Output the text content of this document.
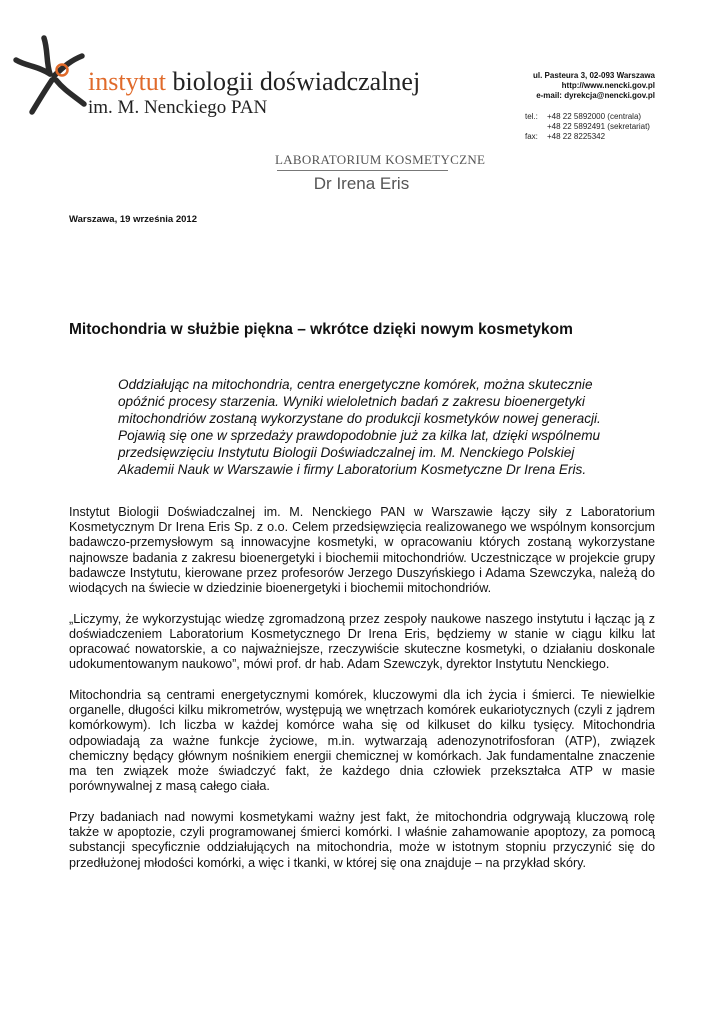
instytut biologii doświadczalnej
im. M. Nenckiego PAN
ul. Pasteura 3, 02-093 Warszawa
http://www.nencki.gov.pl
e-mail: dyrekcja@nencki.gov.pl
tel.:	+48 22 5892000 (centrala)
+48 22 5892491 (sekretariat)
fax:	+48 22 8225342
LABORATORIUM KOSMETYCZNE
Dr Irena Eris
Warszawa, 19 września 2012
Mitochondria w służbie piękna – wkrótce dzięki nowym kosmetykom
Oddziałując na mitochondria, centra energetyczne komórek, można skutecznie opóźnić procesy starzenia. Wyniki wieloletnich badań z zakresu bioenergetyki mitochondriów zostaną wykorzystane do produkcji kosmetyków nowej generacji. Pojawią się one w sprzedaży prawdopodobnie już za kilka lat, dzięki wspólnemu przedsięwzięciu Instytutu Biologii Doświadczalnej im. M. Nenckiego Polskiej Akademii Nauk w Warszawie i firmy Laboratorium Kosmetyczne Dr Irena Eris.

Instytut Biologii Doświadczalnej im. M. Nenckiego PAN w Warszawie łączy siły z Laboratorium Kosmetycznym Dr Irena Eris Sp. z o.o. Celem przedsięwzięcia realizowanego we wspólnym konsorcjum badawczo-przemysłowym są innowacyjne kosmetyki, w opracowaniu których zostaną wykorzystane najnowsze badania z zakresu bioenergetyki i biochemii mitochondriów. Uczestniczące w projekcie grupy badawcze Instytutu, kierowane przez profesorów Jerzego Duszyńskiego i Adama Szewczyka, należą do wiodących na świecie w dziedzinie bioenergetyki i biochemii mitochondriów.

„Liczymy, że wykorzystując wiedzę zgromadzoną przez zespoły naukowe naszego instytutu i łącząc ją z doświadczeniem Laboratorium Kosmetycznego Dr Irena Eris, będziemy w stanie w ciągu kilku lat opracować nowatorskie, a co najważniejsze, rzeczywiście skuteczne kosmetyki, o działaniu doskonale udokumentowanym naukowo”, mówi prof. dr hab. Adam Szewczyk, dyrektor Instytutu Nenckiego.

Mitochondria są centrami energetycznymi komórek, kluczowymi dla ich życia i śmierci. Te niewielkie organelle, długości kilku mikrometrów, występują we wnętrzach komórek eukariotycznych (czyli z jądrem komórkowym). Ich liczba w każdej komórce waha się od kilkuset do kilku tysięcy. Mitochondria odpowiadają za ważne funkcje życiowe, m.in. wytwarzają adenozynotrifosforan (ATP), związek chemiczny będący głównym nośnikiem energii chemicznej w komórkach. Jak fundamentalne znaczenie ma ten związek może świadczyć fakt, że każdego dnia człowiek przekształca ATP w masie porównywalnej z masą całego ciała.

Przy badaniach nad nowymi kosmetykami ważny jest fakt, że mitochondria odgrywają kluczową rolę także w apoptozie, czyli programowanej śmierci komórki. I właśnie zahamowanie apoptozy, za pomocą substancji specyficznie oddziałujących na mitochondria, może w istotnym stopniu przyczynić się do przedłużonej młodości komórki, a więc i tkanki, w której się ona znajduje – na przykład skóry.
